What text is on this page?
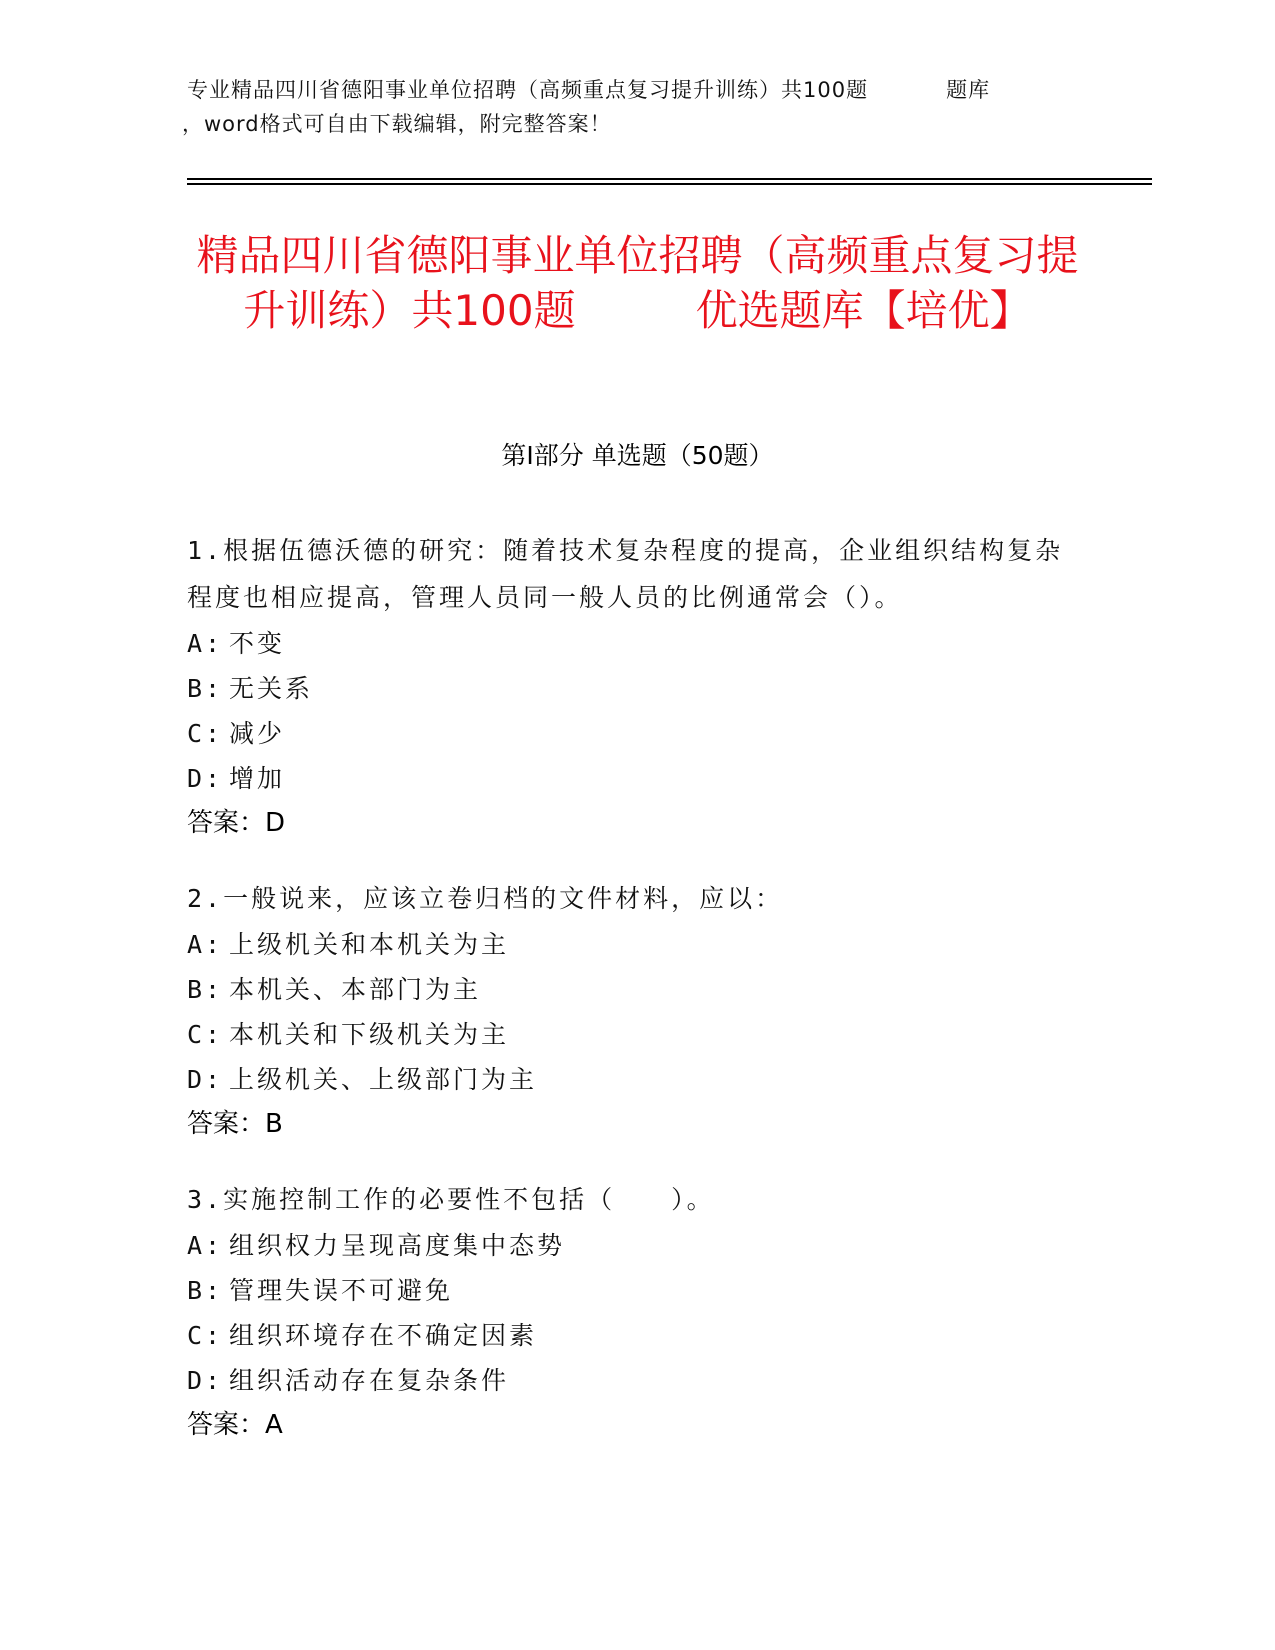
专业精品四川省德阳事业单位招聘（高频重点复习提升训练）共100题	题库
，word格式可自由下载编辑，附完整答案！
精品四川省德阳事业单位招聘（高频重点复习提升训练）共100题	优选题库【培优】
第Ⅰ部分 单选题（50题）
1.根据伍德沃德的研究：随着技术复杂程度的提高，企业组织结构复杂程度也相应提高，管理人员同一般人员的比例通常会（）。
A: 不变
B: 无关系
C: 减少
D: 增加
答案：D
2.一般说来，应该立卷归档的文件材料，应以：
A: 上级机关和本机关为主
B: 本机关、本部门为主
C: 本机关和下级机关为主
D: 上级机关、上级部门为主
答案：B
3.实施控制工作的必要性不包括（　　）。
A: 组织权力呈现高度集中态势
B: 管理失误不可避免
C: 组织环境存在不确定因素
D: 组织活动存在复杂条件
答案：A
